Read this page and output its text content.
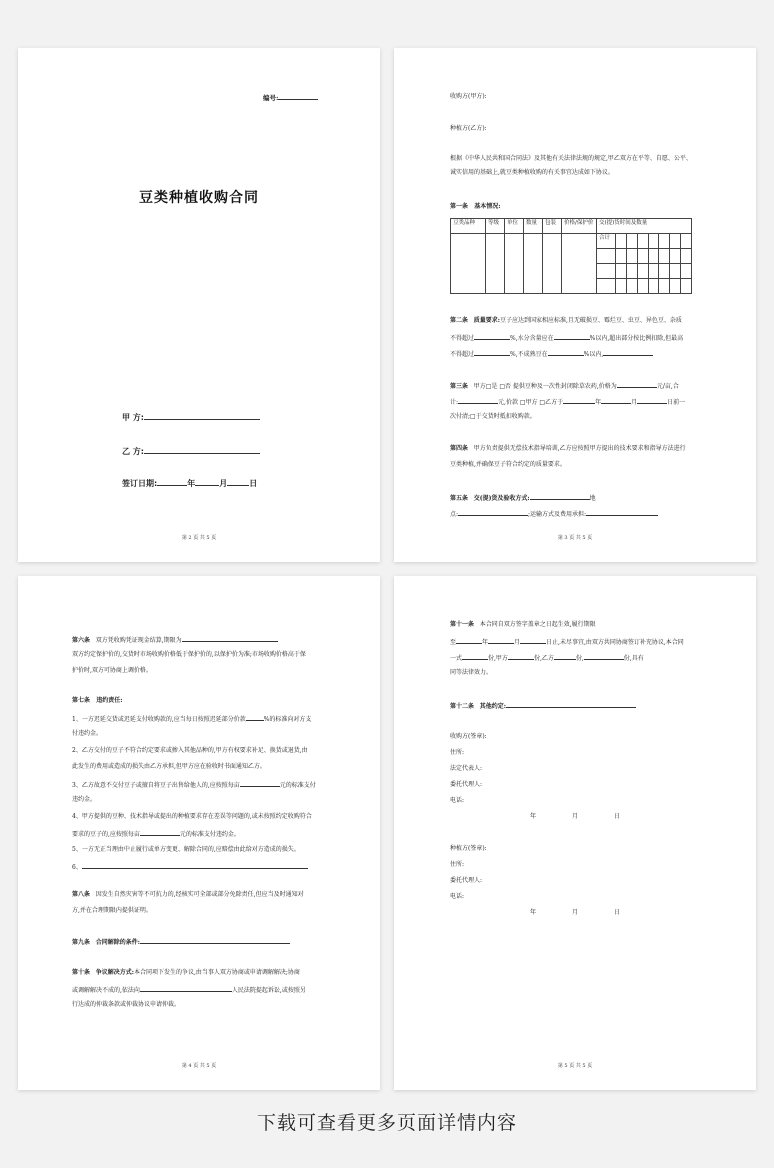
编号:
豆类种植收购合同
甲 方:
乙 方:
签订日期:	年	月	日
第 2 页 共 5 页
收购方(甲方):
种植方(乙方):
根据《中华人民共和国合同法》及其他有关法律法规的规定,甲乙双方在平等、自愿、公平、
诚实信用的基础上,就豆类种植收购的有关事宜达成如下协议。
第一条 基本情况:
豆类品种	等级	单位	数量	包装	价格/保护价	交(提)货时间及数量							
						合计							

第二条 质量要求:豆子应达到国家相应标准,且无破损豆、霉烂豆、虫豆、异色豆、杂质
不得超过	%,水分含量应在	%以内,超出部分按比例扣除,但最高
不得超过	%,不成熟豆在	%以内,
第三条 甲方□是 □否 提供豆种及一次性封闭除草农药,价格为	元/亩,合
计:	元,价款 □甲方 □乙方于	年	月	日前一
次付清;□于交货时抵扣收购款。
第四条 甲方负责提供无偿技术指导培训,乙方应按照甲方提出的技术要求和指导方法进行
豆类种植,并确保豆子符合约定的质量要求。
第五条 交(提)货及验收方式:	地
点:	;运输方式及费用承担:
第 3 页 共 5 页
第六条 双方凭收购凭证现金结算,期限为
双方约定保护价的,交货时市场收购价格低于保护价的,以保护价为准;市场收购价格高于保
护价时,双方可协商上调价格。
第七条 违约责任:
1、一方迟延交货或迟延支付收购款的,应当每日按照迟延部分价款	%的标准向对方支
付违约金。
2、乙方交付的豆子不符合约定要求或掺入其他品种的,甲方有权要求补足、换货或退货,由
此发生的费用或造成的损失由乙方承担,但甲方应在验收时书面通知乙方。
3、乙方故意不交付豆子或擅自将豆子出售给他人的,应按照每亩	元的标准支付
违约金。
4、甲方提供的豆种、技术指导或提出的种植要求存在差误等问题的,或未按照约定收购符合
要求的豆子的,应按照每亩	元的标准支付违约金。
5、一方无正当理由中止履行或单方变更、解除合同的,应赔偿由此给对方造成的损失。
6、
第八条 因发生自然灾害等不可抗力的,经核实可全部或部分免除责任,但应当及时通知对
方,并在合理期限内提供证明。
第九条 合同解除的条件:
第十条 争议解决方式:本合同项下发生的争议,由当事人双方协商或申请调解解决;协商
或调解解决不成的,依法向	人民法院提起诉讼,或按照另
行达成的仲裁条款或仲裁协议申请仲裁。
第 4 页 共 5 页
第十一条 本合同自双方签字盖章之日起生效,履行期限
至	年	月	日止,未尽事宜,由双方共同协商签订补充协议,本合同
一式	份,甲方	份,乙方	份,	份,具有
同等法律效力。
第十二条 其他约定:
收购方(签章):
住所:
法定代表人:
委托代理人:
电话:
年	月	日
种植方(签章):
住所:
委托代理人:
电话:
年	月	日
第 5 页 共 5 页
下载可查看更多页面详情内容
